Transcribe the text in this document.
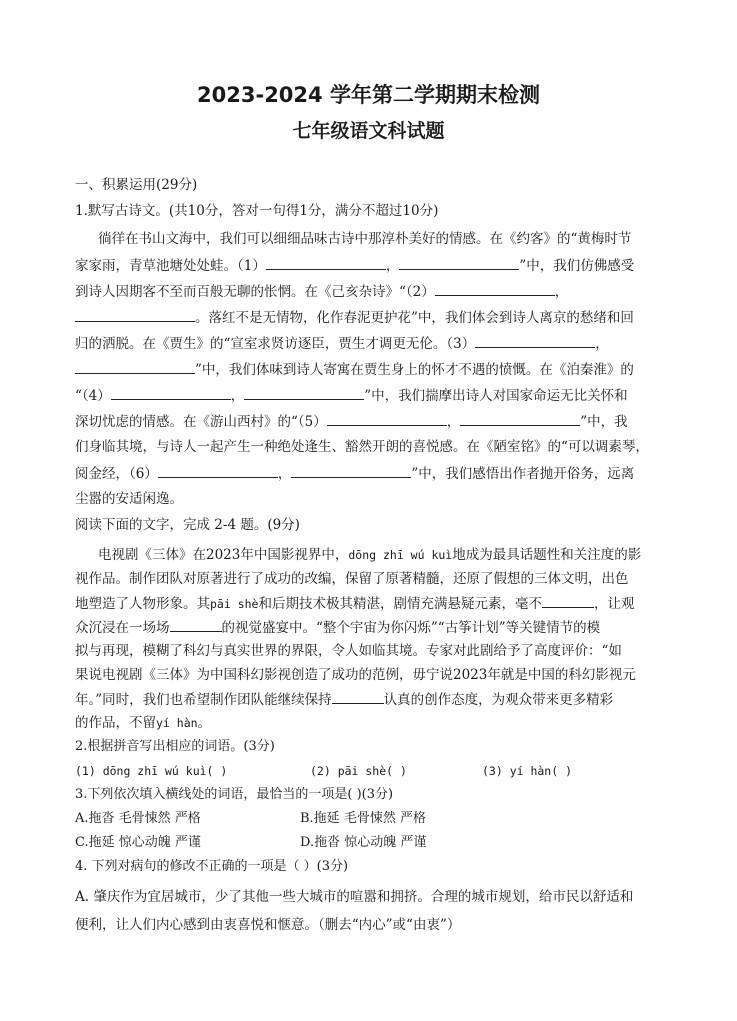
2023-2024 学年第二学期期末检测
七年级语文科试题
一、积累运用(29分)
1.默写古诗文。(共10分，答对一句得1分，满分不超过10分)
徜徉在书山文海中，我们可以细细品味古诗中那淳朴美好的情感。在《约客》的“黄梅时节
家家雨，青草池塘处处蛙。（1）	，	”中，我们仿佛感受
到诗人因期客不至而百般无聊的怅惘。在《己亥杂诗》“（2）	，
。落红不是无情物，化作春泥更护花”中，我们体会到诗人离京的愁绪和回
归的洒脱。在《贾生》的“宣室求贤访逐臣，贾生才调更无伦。（3）	，
”中，我们体味到诗人寄寓在贾生身上的怀才不遇的愤慨。在《泊秦淮》的
“（4）	，	”中，我们揣摩出诗人对国家命运无比关怀和
深切忧虑的情感。在《游山西村》的“（5）	，	”中，我
们身临其境，与诗人一起产生一种绝处逢生、豁然开朗的喜悦感。在《陋室铭》的“可以调素琴，
阅金经，（6）	，	”中，我们感悟出作者抛开俗务，远离
尘嚣的安适闲逸。
阅读下面的文字，完成 2-4 题。(9分)
电视剧《三体》在2023年中国影视界中，dōng zhī wú kuì地成为最具话题性和关注度的影
视作品。制作团队对原著进行了成功的改编，保留了原著精髓，还原了假想的三体文明，出色
地塑造了人物形象。其pāi shè和后期技术极其精湛，剧情充满悬疑元素，毫不	，让观
众沉浸在一场场	的视觉盛宴中。“整个宇宙为你闪烁”“古筝计划”等关键情节的模
拟与再现，模糊了科幻与真实世界的界限，令人如临其境。专家对此剧给予了高度评价：“如
果说电视剧《三体》为中国科幻影视创造了成功的范例，毋宁说2023年就是中国的科幻影视元
年。”同时，我们也希望制作团队能继续保持	认真的创作态度，为观众带来更多精彩
的作品，不留yí hàn。
2.根据拼音写出相应的词语。(3分)
(1) dōng zhī wú kuì( )	(2) pāi shè( )	(3) yí hàn( )
3.下列依次填入横线处的词语，最恰当的一项是( )(3分)
A.拖沓 毛骨悚然 严格	B.拖延 毛骨悚然 严格
C.拖延 惊心动魄 严谨	D.拖沓 惊心动魄 严谨
4. 下列对病句的修改不正确的一项是（ ）(3分)
A. 肇庆作为宜居城市，少了其他一些大城市的喧嚣和拥挤。合理的城市规划，给市民以舒适和
便利，让人们内心感到由衷喜悦和惬意。（删去“内心”或“由衷”）
